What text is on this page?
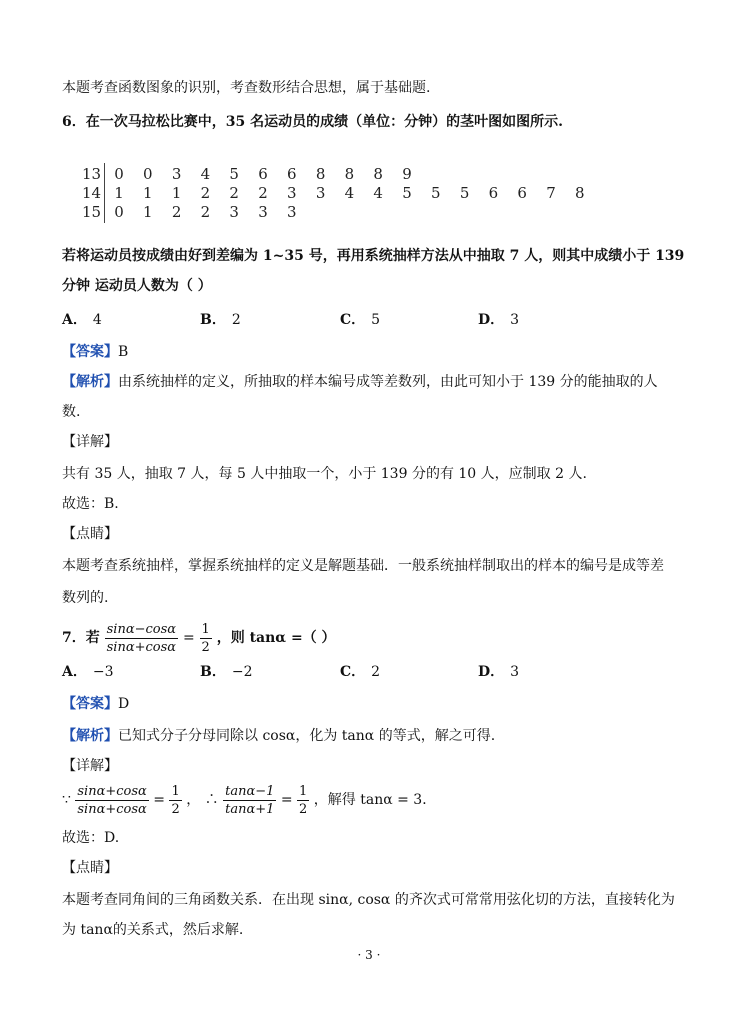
本题考查函数图象的识别，考查数形结合思想，属于基础题.
6．在一次马拉松比赛中，35 名运动员的成绩（单位：分钟）的茎叶图如图所示.
13 0 0 3 4 5 6 6 8 8 8 9
14 1 1 1 2 2 2 3 3 4 4 5 5 5 6 6 7 8
15 0 1 2 2 3 3 3
若将运动员按成绩由好到差编为 1~35 号，再用系统抽样方法从中抽取 7 人，则其中成绩小于 139
分钟 运动员人数为（ ）
A． 4	B． 2	C． 5	D． 3
【答案】B
【解析】由系统抽样的定义，所抽取的样本编号成等差数列，由此可知小于 139 分的能抽取的人
数.
【详解】
共有 35 人，抽取 7 人，每 5 人中抽取一个，小于 139 分的有 10 人，应制取 2 人.
故选：B.
【点睛】
本题考查系统抽样，掌握系统抽样的定义是解题基础．一般系统抽样制取出的样本的编号是成等差
数列的.
7．若 $\frac{\sin\alpha-\cos\alpha}{\sin\alpha+\cos\alpha} = \frac{1}{2}$ ，则 tanα =（ ）
A． −3	B． −2	C． 2	D． 3
【答案】D
【解析】已知式分子分母同除以 cosα，化为 tanα 的等式，解之可得.
【详解】
∵ $\frac{\sin\alpha+\cos\alpha}{\sin\alpha+\cos\alpha} = \frac{1}{2}$ ， ∴ $\frac{\tan\alpha-1}{\tan\alpha+1} = \frac{1}{2}$ ，解得 tanα = 3．
故选：D.
【点睛】
本题考查同角间的三角函数关系．在出现 sinα, cosα 的齐次式可常常用弦化切的方法，直接转化为
为 tanα的关系式，然后求解.
· 3 ·
